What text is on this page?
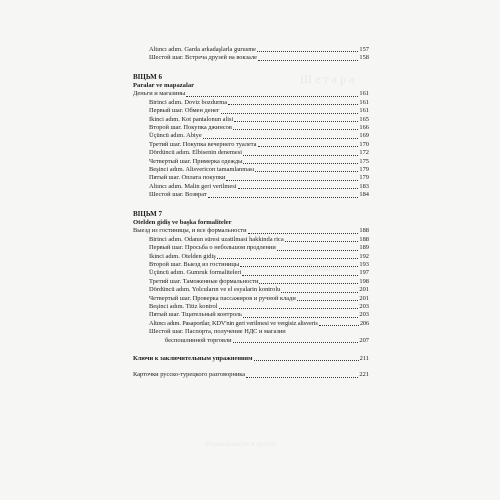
Ш е т а р а
Деньги
Формальности и прочее
Altıncı adım. Garda arkadaşlarla gurusme	157
Шестой шаг. Встреча друзей на вокзале	158
ВІЦЬМ 6
Paralar ve mapazalar
Деньги и магазины	161
Birinci adım. Doviz bozdurma	161
Первый шаг. Обмен денег	161
Ikinci adım. Kot pantalonun alisi	165
Второй шаг. Покупка джинсов	166
Üçüncü adım. Abiye	169
Третий шаг. Покупка вечернего туалета	170
Dördüncü adım. Elbisenin denemesi	172
Четвертый шаг. Примерка одежды	175
Beşinci adım. Alisveriсоп tamamlanması	179
Пятый шаг. Оплата покупки	179
Altıncı adım. Malin geri verilmesi	183
Шестой шаг. Возврат	184
ВІЦЬМ 7
Otelden gidiş ve başka formaliteler
Выезд из гостиницы, и все формальности	188
Birinci adım. Odanın süresi uzatilmasi hakkinda rica	188
Первый шаг. Просьба о небольшом продлении	189
Ikinci adım. Otelden gidiş	192
Второй шаг. Выезд из гостиницы	193
Üçüncü adım. Gumruk formaliteleri	197
Третий шаг. Таможенные формальности	198
Dördüncü adım. Yolcuların ve el esyalarin kontrolu	201
Четвертый шаг. Проверка пассажиров и ручной клади	201
Beşinci adım. Titiz kontrol	203
Пятый шаг. Тщательный контроль	203
Altıncı adım. Pasaportlar, KDV'nin geri verilmesi ve vergi̇siz alisveris	206
Шестой шаг. Паспорта, получение НДС и магазин
беспошлинной торговли	207
Ключи к заключительным упражнениям	211
Карточки русско-турецкого разговорника	221
